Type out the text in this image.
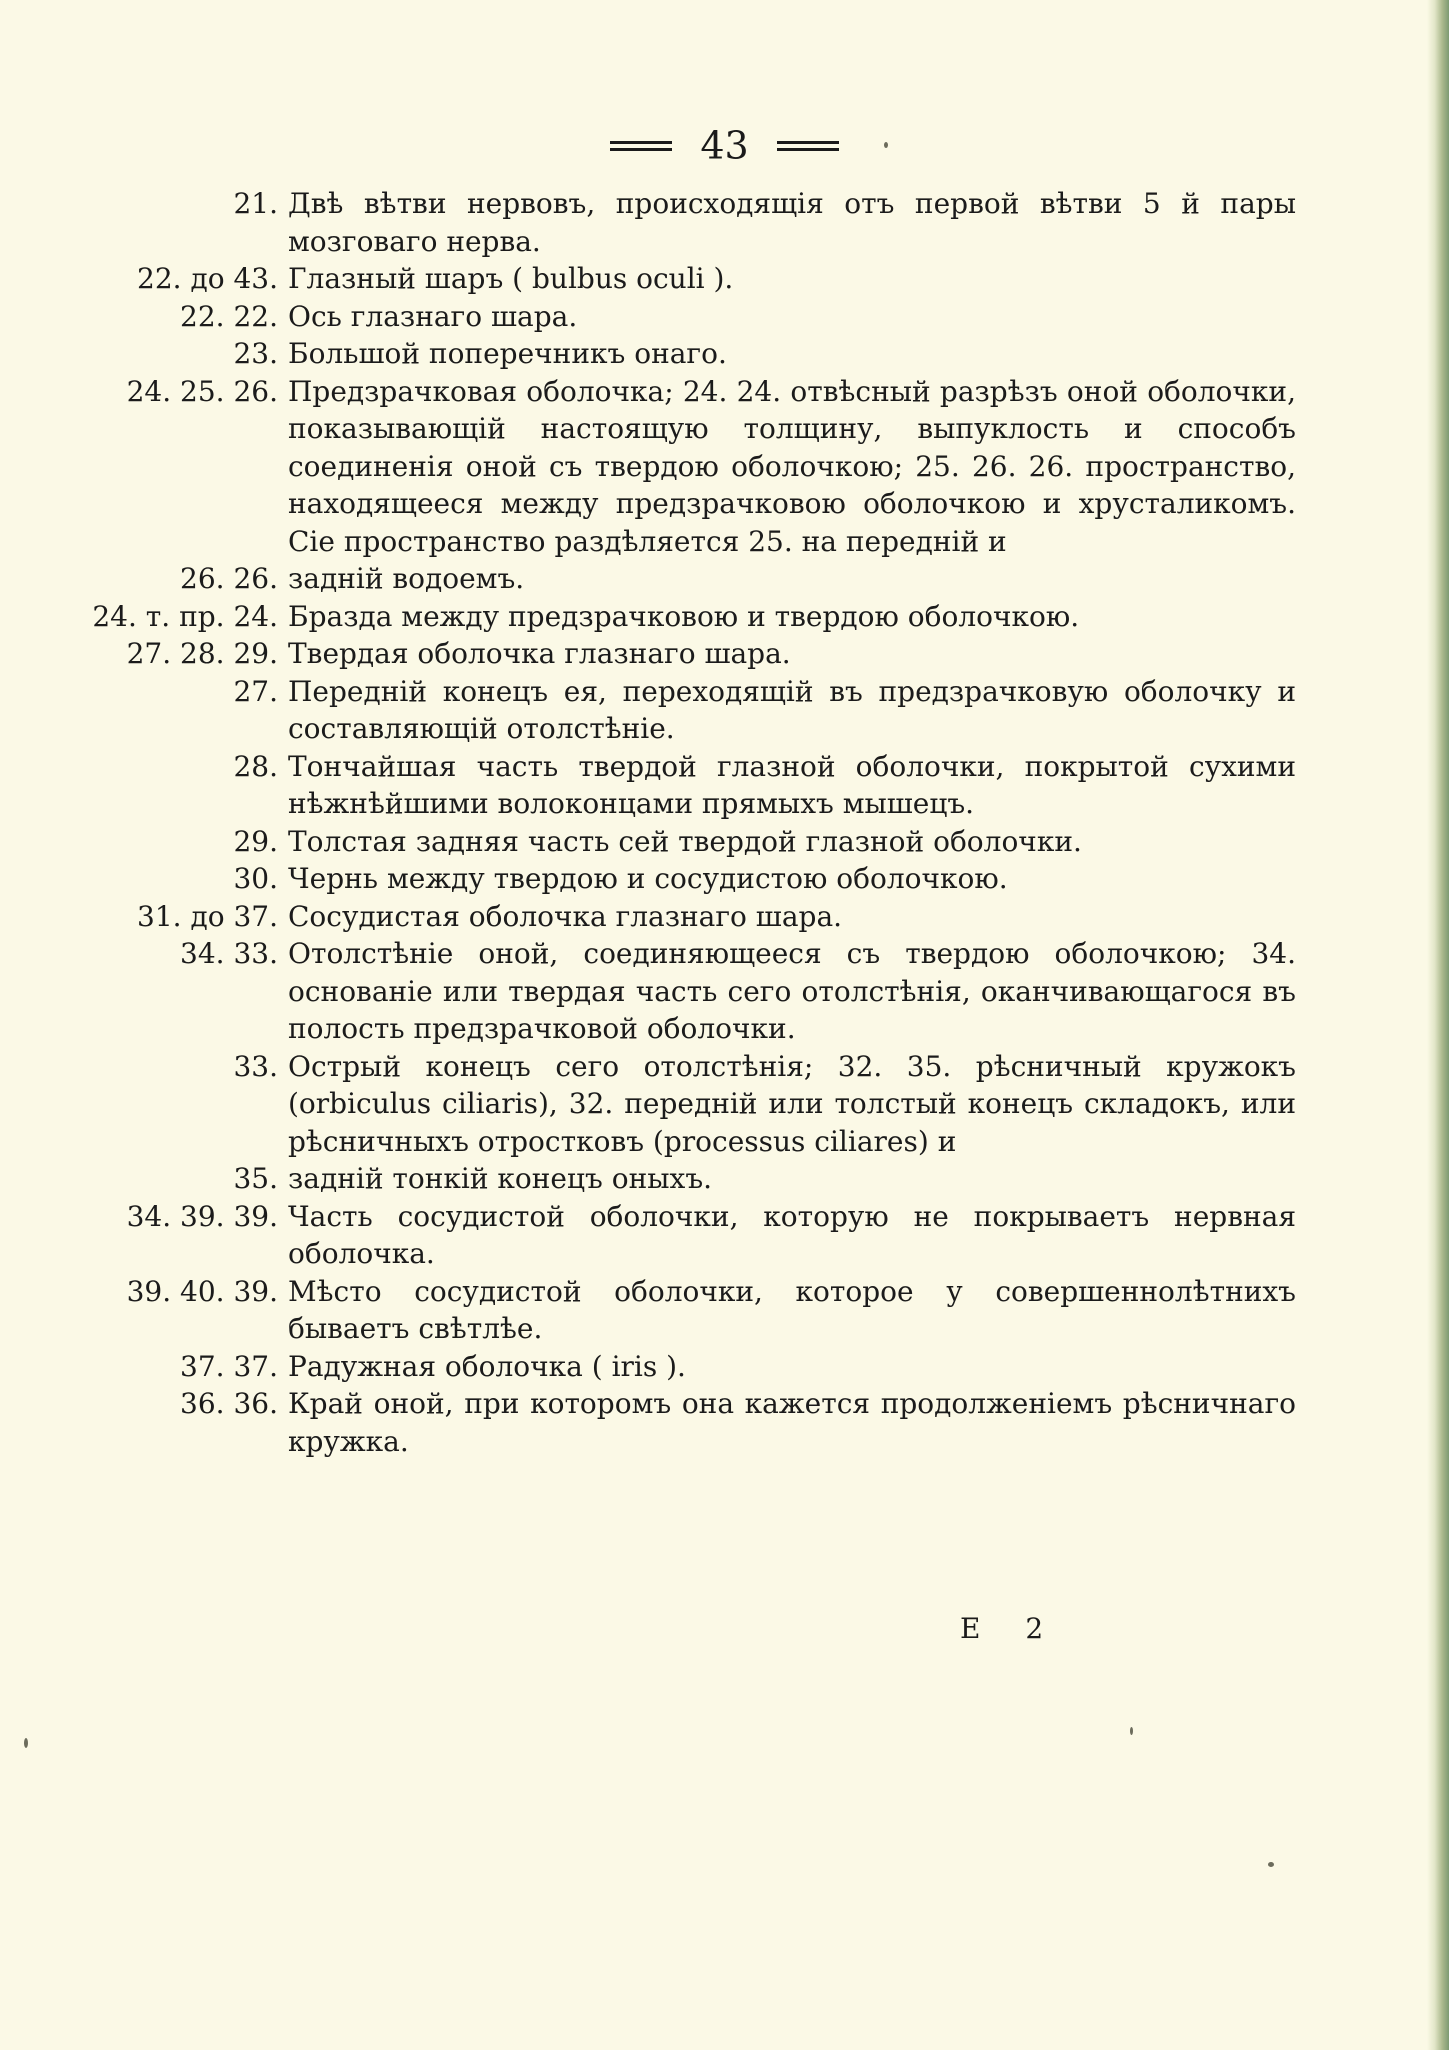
43
21. Двѣ вѣтви нервовъ, происходящія отъ первой вѣтви 5 й пары мозговаго нерва.
22. до 43. Глазный шаръ ( bulbus oculi ).
22. 22. Ось глазнаго шара.
23. Большой поперечникъ онаго.
24. 25. 26. Предзрачковая оболочка; 24. 24. отвѣсный разрѣзъ оной оболочки, показывающій настоящую толщину, выпуклость и способъ соединенія оной съ твердою оболочкою; 25. 26. 26. пространство, находящееся между предзрачковою оболочкою и хрусталикомъ. Сіе пространство раздѣляется 25. на передній и
26. 26. задній водоемъ.
24. т. пр. 24. Бразда между предзрачковою и твердою оболочкою.
27. 28. 29. Твердая оболочка глазнаго шара.
27. Передній конецъ ея, переходящій въ предзрачковую оболочку и составляющій отолстѣніе.
28. Тончайшая часть твердой глазной оболочки, покрытой сухими нѣжнѣйшими волоконцами прямыхъ мышецъ.
29. Толстая задняя часть сей твердой глазной оболочки.
30. Чернь между твердою и сосудистою оболочкою.
31. до 37. Сосудистая оболочка глазнаго шара.
34. 33. Отолстѣніе оной, соединяющееся съ твердою оболочкою; 34. основаніе или твердая часть сего отолстѣнія, оканчивающагося въ полость предзрачковой оболочки.
33. Острый конецъ сего отолстѣнія; 32. 35. рѣсничный кружокъ (orbiculus ciliaris), 32. передній или толстый конецъ складокъ, или рѣсничныхъ отростковъ (processus ciliares) и
35. задній тонкій конецъ оныхъ.
34. 39. 39. Часть сосудистой оболочки, которую не покрываетъ нервная оболочка.
39. 40. 39. Мѣсто сосудистой оболочки, которое у совершеннолѣтнихъ бываетъ свѣтлѣе.
37. 37. Радужная оболочка ( iris ).
36. 36. Край оной, при которомъ она кажется продолженіемъ рѣсничнаго кружка.
Е 2
